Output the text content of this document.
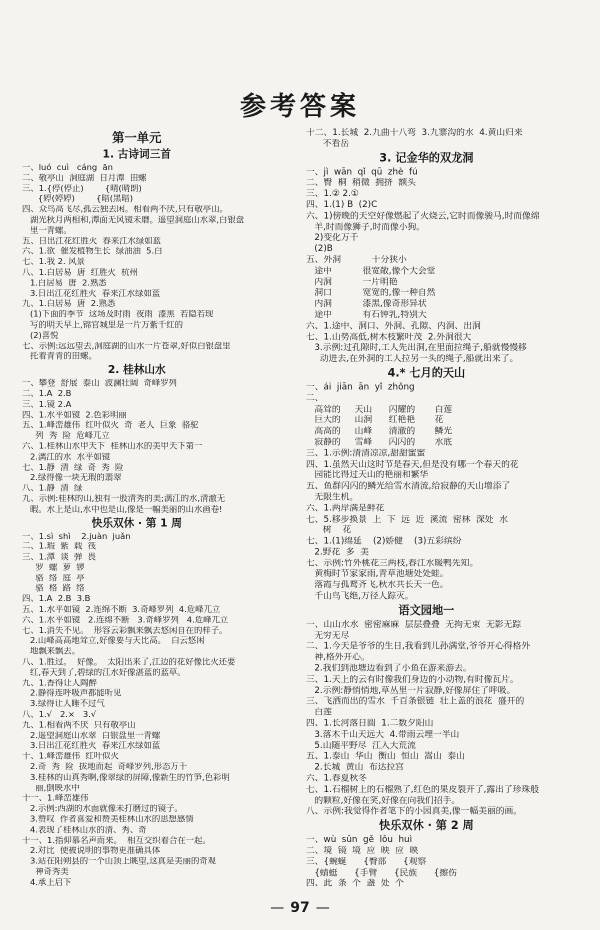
参考答案
第一单元
1. 古诗词三首
一、luó  cuì   cáng  ān
二、敬亭山  洞庭湖  日月潭  田螺
三、1.{停(停止)        {晴(晴朗)
{婷(婷婷)        {暗(黑暗)
四、众鸟高飞尽,孤云独去闲。相看两不厌,只有敬亭山。
湖光秋月两相和,潭面无风镜未磨。遥望洞庭山水翠,白银盘
里一青螺。
五、日出江花红胜火  春来江水绿如蓝
六、1.欲  催发植物生长  绿油油  5.白
七、1.我 2. 风景
八、1.白居易  唐  红胜火  杭州
1.白居易  唐  2.熟悉
3.日出江花红胜火  春来江水绿如蓝
九、1.白居易  唐  2.熟悉
(1)下面的季节  这场及时雨  夜雨  漆黑  若隐若现
写的明天早上,锦官城里是一片万紫千红的
(2)喜悦
七、示例:远远望去,洞庭湖的山水一片苍翠,好似白银盘里
托着青青的田螺。
2. 桂林山水
一、攀登  舒展  泰山  波澜壮阔  奇峰罗列
二、1.A  2.B
三、1.镜 2.A
四、1.水平如镜  2.色彩明丽
五、1.峰峦雄伟  红叶似火  奇  老人  巨象  骆驼
列  秀  险  危峰兀立
六、1.桂林山水甲天下  桂林山水的美甲天下第一
2.漓江的水  水平如镜
七、1.静  清  绿  奇  秀  险
2.绿得像一块无瑕的翡翠
八、1.静  清  绿
九、示例:桂林的山,独有一股清秀的美;漓江的水,清澈无
暇。水上是山,水中也是山,像是一幅美丽的山水画卷!
快乐双休 · 第 1 周
一、1.sì  shì    2.juàn  juǎn
二、1.瑕  紫  载  筏
三、1.潭  谈  弹  畏
罗  螺  萝  锣
骆  络  庭  亭
骆  格  路  络
四、1.A  2.B  3.B
五、1.水平如镜  2.连绵不断  3.奇峰罗列  4.危峰兀立
六、1.水平如镜   2.连绵不断   3.奇峰罗列   4.危峰兀立
七、1.消失不见。  形容云彩飘来飘去悠闲自在的样子。
2.山峰高高地耸立,好像要与天比高。  白云悠闲
地飘来飘去。
八、1.胜过。  好像。  太阳出来了,江边的花好像比火还要
红,春天到了,碧绿的江水好像湛蓝的蓝草。
九、1.香得让人陶醉
2.静得连呼吸声都能听见
3.绿得让人睡不过气
八、1.√   2.×   3.√
九、1.相看两不厌  只有敬亭山
2.遥望洞庭山水翠  白银盘里一青螺
3.日出江花红胜火  春来江水绿如蓝
十、1.峰峦雄伟  红叶似火
2.奇  秀  险  拔地而起  奇峰罗列,形态万千
3.桂林的山真秀啊,像翠绿的屏障,像新生的竹笋,色彩明
丽,倒映水中
十一、1.峰峦雄伟
2.示例:西湖的水面就像未打磨过的镜子。
3.赞叹  作者喜爱和赞美桂林山水的思想感情
4.表现了桂林山水的清、秀、奇
十一、1.指仰慕名声而来。  相互交织着合在一起。
2.对比  使被说明的事物更准确具体
3.站在阳朔县的一个山顶上眺望,这真是美丽的奇观
神奇秀美
4.承上启下
十二、1.长城  2.九曲十八弯  3.九寨沟的水  4.黄山归来
不看岳
3. 记金华的双龙洞
一、jì  wān  qǐ  qū  zhè  fú
二、臀  桐  稍微  拥挤  额头
三、1.② 2.①
四、1.(1) B  (2)C
六、1)傍晚的天空好像燃起了火烧云,它时而像骏马,时而像绵
羊,时而像狮子,时而像小狗。
2)变化万千
(2)B
五、外洞           十分狭小
途中           很宽敞,像个大会堂
内洞           一片明艳
洞口           宽宽的,像一种自然
内洞           漆黑,像奇形异状
途中           有石钟乳,特别大
六、1.途中、洞口、外洞、孔隙、内洞、出洞
七、1.山势高低,树木枝繁叶茂  2.外洞很大
3.示例:过孔隙时,工人先出洞,在里面拉绳子,船就慢慢移
动进去,在外洞的工人拉另一头的绳子,船就出来了。
4.* 七月的天山
一、ái  jiān  ān  yǐ  zhǒng
二、
高耸的     天山      闪耀的       白莲
巨大的     山涧      红艳艳       花
高高的     山峰      清澈的       鳞光
寂静的     雪峰      闪闪的       水底
三、1.示例:清清凉凉,甜甜蜜蜜
四、1.虽然天山这时节是春天,但是没有哪一个春天的花
园能比得过天山的艳丽和繁华
五、鱼群闪闪的鳞光给雪水清流,给寂静的天山增添了
无限生机。
六、1.两岸满是鲜花
七、5.移步换景  上  下  远  近  溪流  密林  深处  水
树    花
七、1.(1)绵延    (2)娇健    (3)五彩缤纷
2.野花  多  美
七、示例:竹外桃花三两枝,春江水暖鸭先知。
黄梅时节家家雨,青草池塘处处蛙。
落霞与孤鹜齐飞,秋水共长天一色。
千山鸟飞绝,万径人踪灭。
语文园地一
一、山山水水  密密麻麻  层层叠叠  无拘无束  无影无踪
无穷无尽
二、1.今天是爷爷的生日,我看到儿孙满堂,爷爷开心得格外
神,格外开心。
2.我们到池塘边看到了小鱼在游来游去。
三、1.天上的云有时像我们身边的小动物,有时像瓦片。
2.示例:静悄悄地,草丛里一片寂静,好像屏住了呼吸。
三、飞洒而出的雪水  千百条银链  壮上盖的浪花  盛开的
白莲
四、1.长河落日圆  1.二数夕阳山
3.落木千山天远大  4.带雨云埋一半山
5.山随平野尽  江入大荒流
五、1.泰山  华山  衡山  恒山  嵩山  泰山
2.长城  黄山  布达拉宫
六、1.春夏秋冬
七、1.石榴树上的石榴熟了,红色的果皮裂开了,露出了珍珠般
的颗粒,好像在笑,好像在向我们招手。
八、示例:我觉得作者笔下的小园真美,像一幅美丽的画。
快乐双休 · 第 2 周
一、wù  sǔn  gě  lǒu  huì
二、境  镜  境  应  映  应  映
三、{蜿蜒      {臀部      {观察
{蜻蜓      {手臂      {民族      {擦伤
四、此  条  个  盏  处  个
— 97 —
